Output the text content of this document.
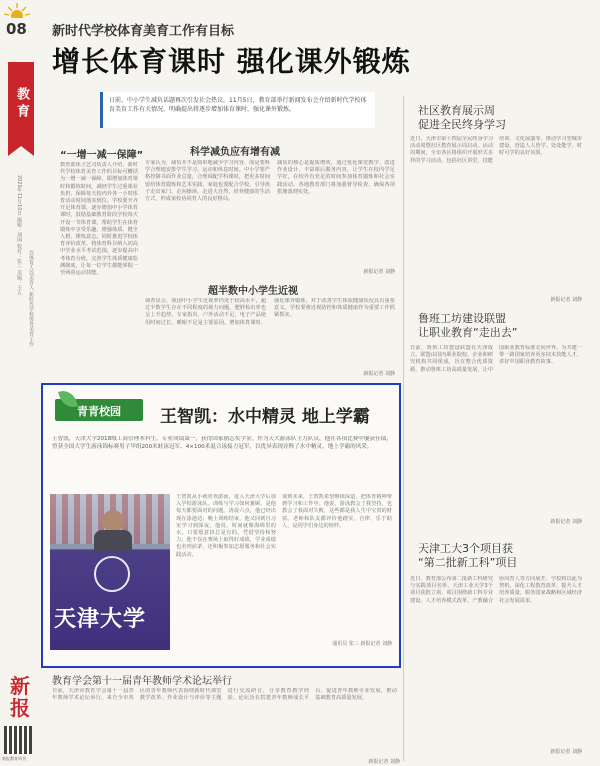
08
教育
2020年11月10日 编辑：刘国 校对：张三 美编：王五
以体育人以美育人 新时代学校体育美育工作
新报
新报教育周刊
新时代学校体育美育工作有目标
增长体育课时 强化课外锻炼
日前，中小学生减负话题再次引发社会热议。11月5日，教育部举行新闻发布会介绍新时代学校体育美育工作有关情况，明确提出将逐步增加体育课时，强化课外锻炼。
“一增一减一保障”
教育部体卫艺司负责人介绍，新时代学校体育美育工作的目标可概括为一增一减一保障，即增加体育课时和锻炼时间，减轻学生过重课业负担，保障每天校内外各一小时体育活动时间落实到位。学校要开齐开足体育课，逐步增加中小学体育课时，鼓励基础教育阶段学校每天开设一节体育课，帮助学生在体育锻炼中享受乐趣、增强体质、健全人格、锤炼意志。同时推进学校体育评价改革，将体育科目纳入初高中学业水平考试范围，逐步提高中考体育分值，完善学生体质健康监测制度，让每一位学生都能掌握一至两项运动技能。
科学减负应有增有减
专家认为，减负并不是简单地减少学习内容，而是要科学合理地安排学生学习、运动和休息时间。中小学要严格控制书面作业总量，合理调配学科课时，把更多时间留给体育锻炼和艺术实践。家庭也要配合学校，引导孩子走出家门、走向操场、走进大自然，培养健康的生活方式，形成家校协同育人的良好格局。
减负的核心是提质增效，通过优化课堂教学、改进作业设计、丰富课后服务内容，让学生在校内学足学好，在校外有充足的时间参加体育锻炼和社会实践活动。各地教育部门将加强督导检查，确保各项措施落到实处。
新报记者 刘静
超半数中小学生近视
调查显示，我国中小学生近视率仍处于较高水平，超过半数学生存在不同程度的视力问题，肥胖检出率也呈上升趋势。专家指出，户外活动不足、电子产品使用时间过长、睡眠不足是主要原因。增加体育课时、强化课外锻炼，对于改善学生体质健康状况具有重要意义。学校要将近视防控和体质健康作为重要工作抓紧抓实。
新报记者 刘静
青青校园 王智凯：水中精灵 地上学霸
王智凯，天津大学2018级工商管理本科生，专业成绩第一，获得国家励志奖学金。作为天大游泳队主力队员，他在各项比赛中屡获佳绩，曾获全国大学生游泳锦标赛男子甲组200米蛙泳冠军、4×100米混合泳接力冠军，以优异表现诠释了水中精灵、地上学霸的风采。
天津大学
王智凯从小就喜欢游泳，进入天津大学后加入学校游泳队。训练与学习如何兼顾，是他每天都要面对的问题。清晨六点，他已经出现在泳池边；晚上训练结束，他又回到自习室学习到深夜。他说，时间就像海绵里的水，只要愿意挤总是有的。凭借坚持和努力，他不仅在赛场上取得好成绩，学业成绩也名列前茅，还积极参加志愿服务和社会实践活动。
谈到未来，王智凯希望继续深造，把体育精神带到学习和工作中。他说，游泳教会了我坚持，也教会了我面对失败，这些都是我人生中宝贵的财富。老师和队友都评价他踏实、自律、乐于助人，是同学们身边的榜样。
通讯员 张三 新报记者 刘静
教育学会第十一届青年教师学术论坛举行
日前，天津市教育学会第十一届青年教师学术论坛举行。来自全市各区的青年教师代表围绕新时代课堂教学改革、作业设计与评价等主题进行交流研讨，分享教育教学经验。论坛旨在搭建青年教师成长平台，促进青年教师专业发展，推动基础教育高质量发展。
新报记者 刘静
社区教育展示周
促进全民终身学习
近日，天津市第十四届全民终身学习活动周暨社区教育展示周启动。活动周期间，全市各区将组织开展形式多样的学习活动，包括社区讲堂、技能培训、文化展演等，推动学习型城市建设，营造人人皆学、处处能学、时时可学的良好氛围。
新报记者 刘静
鲁班工坊建设联盟
让职业教育“走出去”
日前，鲁班工坊建设联盟在天津成立。联盟由国内职业院校、企业和研究机构共同组成，旨在整合优质资源，推动鲁班工坊高质量发展，让中国职业教育标准走向世界，为共建一带一路国家培养更多技术技能人才，讲好中国职业教育故事。
新报记者 刘静
天津工大3个项目获
“第二批新工科”项目
近日，教育部公布第二批新工科研究与实践项目名单，天津工业大学3个项目获批立项。项目围绕新工科专业建设、人才培养模式改革、产教融合协同育人等方向展开，学校将以此为契机，深化工程教育改革，提升人才培养质量，服务国家战略和区域经济社会发展需求。
新报记者 刘静
